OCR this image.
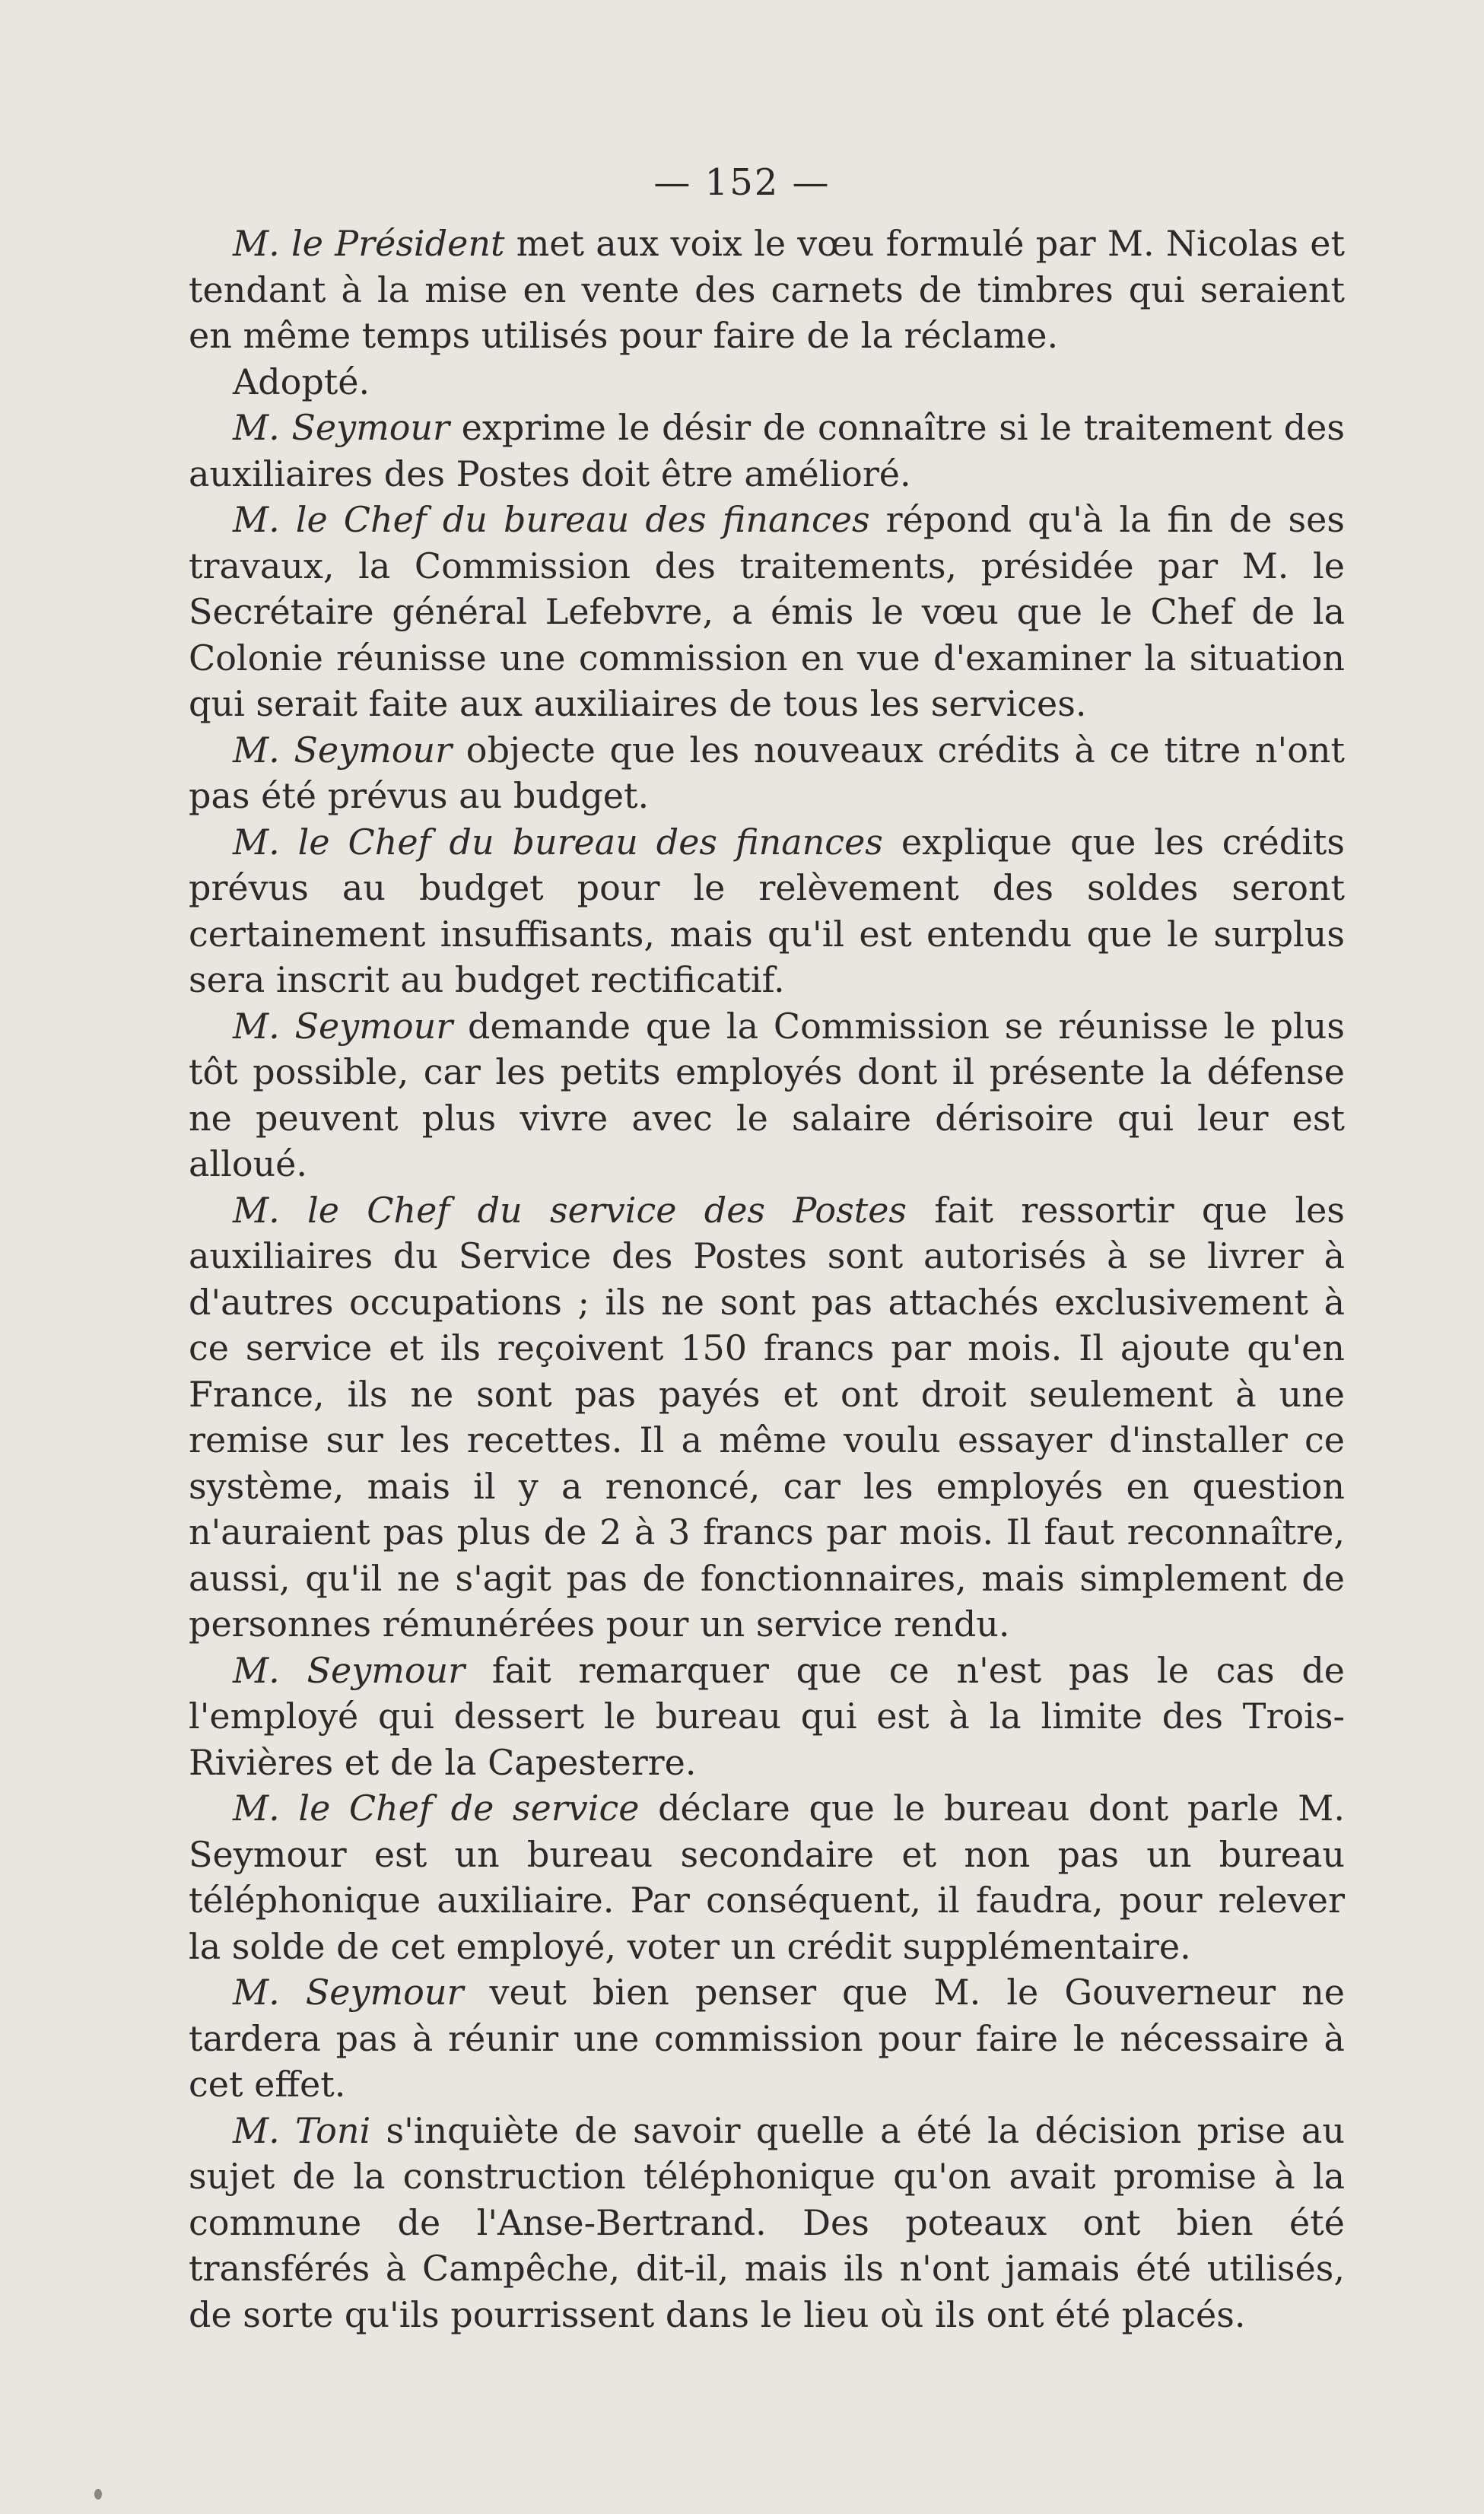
— 152 —

M. le Président met aux voix le vœu formulé par M. Nicolas et tendant à la mise en vente des carnets de timbres qui seraient en même temps utilisés pour faire de la réclame.

Adopté.

M. Seymour exprime le désir de connaître si le traitement des auxiliaires des Postes doit être amélioré.

M. le Chef du bureau des finances répond qu'à la fin de ses travaux, la Commission des traitements, présidée par M. le Secrétaire général Lefebvre, a émis le vœu que le Chef de la Colonie réunisse une commission en vue d'examiner la situation qui serait faite aux auxiliaires de tous les services.

M. Seymour objecte que les nouveaux crédits à ce titre n'ont pas été prévus au budget.

M. le Chef du bureau des finances explique que les crédits prévus au budget pour le relèvement des soldes seront certainement insuffisants, mais qu'il est entendu que le surplus sera inscrit au budget rectificatif.

M. Seymour demande que la Commission se réunisse le plus tôt possible, car les petits employés dont il présente la défense ne peuvent plus vivre avec le salaire dérisoire qui leur est alloué.

M. le Chef du service des Postes fait ressortir que les auxiliaires du Service des Postes sont autorisés à se livrer à d'autres occupations ; ils ne sont pas attachés exclusivement à ce service et ils reçoivent 150 francs par mois. Il ajoute qu'en France, ils ne sont pas payés et ont droit seulement à une remise sur les recettes. Il a même voulu essayer d'installer ce système, mais il y a renoncé, car les employés en question n'auraient pas plus de 2 à 3 francs par mois. Il faut reconnaître, aussi, qu'il ne s'agit pas de fonctionnaires, mais simplement de personnes rémunérées pour un service rendu.

M. Seymour fait remarquer que ce n'est pas le cas de l'employé qui dessert le bureau qui est à la limite des Trois-Rivières et de la Capesterre.

M. le Chef de service déclare que le bureau dont parle M. Seymour est un bureau secondaire et non pas un bureau téléphonique auxiliaire. Par conséquent, il faudra, pour relever la solde de cet employé, voter un crédit supplémentaire.

M. Seymour veut bien penser que M. le Gouverneur ne tardera pas à réunir une commission pour faire le nécessaire à cet effet.

M. Toni s'inquiète de savoir quelle a été la décision prise au sujet de la construction téléphonique qu'on avait promise à la commune de l'Anse-Bertrand. Des poteaux ont bien été transférés à Campêche, dit-il, mais ils n'ont jamais été utilisés, de sorte qu'ils pourrissent dans le lieu où ils ont été placés.
